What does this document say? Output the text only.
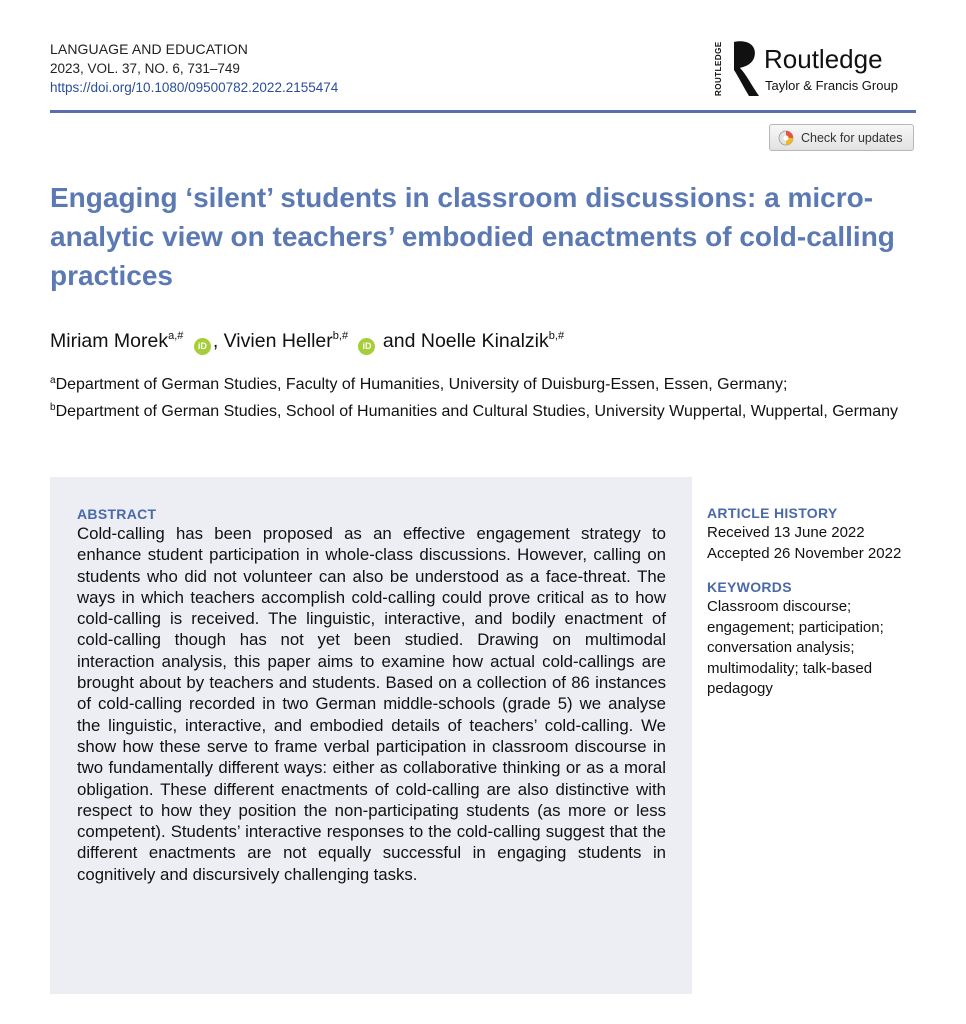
LANGUAGE AND EDUCATION
2023, VOL. 37, NO. 6, 731–749
https://doi.org/10.1080/09500782.2022.2155474	ROUTLEDGE Routledge
Taylor & Francis Group
Check for updates
Engaging ‘silent’ students in classroom discussions: a micro-analytic view on teachers’ embodied enactments of cold-calling practices
Miriam Morek$^{a,\#}$ iD , Vivien Heller$^{b,\#}$ iD and Noelle Kinalzik$^{b,\#}$
$^a$Department of German Studies, Faculty of Humanities, University of Duisburg-Essen, Essen, Germany;
$^b$Department of German Studies, School of Humanities and Cultural Studies, University Wuppertal, Wuppertal, Germany
ABSTRACT

Cold-calling has been proposed as an effective engagement strategy to enhance student participation in whole-class discussions. However, calling on students who did not volunteer can also be understood as a face-threat. The ways in which teachers accomplish cold-calling could prove critical as to how cold-calling is received. The linguistic, interactive, and bodily enactment of cold-calling though has not yet been studied. Drawing on multimodal interaction analysis, this paper aims to examine how actual cold-callings are brought about by teachers and students. Based on a collection of 86 instances of cold-calling recorded in two German middle-schools (grade 5) we analyse the linguistic, interactive, and embodied details of teachers’ cold-calling. We show how these serve to frame verbal participation in classroom discourse in two fundamentally different ways: either as collaborative thinking or as a moral obligation. These different enactments of cold-calling are also distinctive with respect to how they position the non-participating students (as more or less competent). Students’ interactive responses to the cold-calling suggest that the different enactments are not equally successful in engaging students in cognitively and discursively challenging tasks.

ARTICLE HISTORY
Received 13 June 2022
Accepted 26 November 2022
KEYWORDS
Classroom discourse; engagement; participation; conversation analysis; multimodality; talk-based pedagogy
